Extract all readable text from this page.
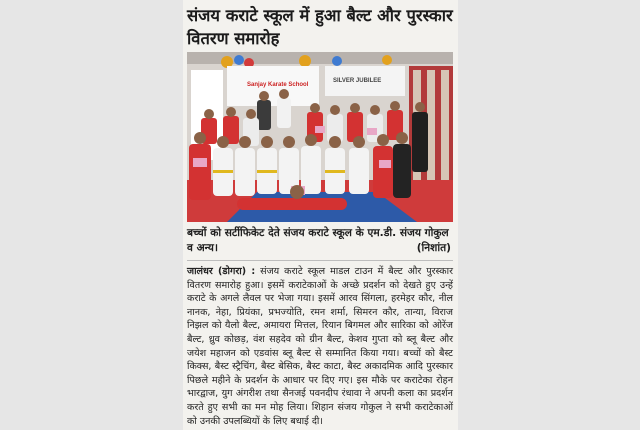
संजय कराटे स्कूल में हुआ बैल्ट और पुरस्कार वितरण समारोह
Sanjay Karate School
SILVER JUBILEE
बच्चों को सर्टीफिकेट देते संजय कराटे स्कूल के एम.डी. संजय गोकुल व अन्य।	(निशांत)

जालंधर (डोगरा) : संजय कराटे स्कूल माडल टाउन में बैल्ट और पुरस्कार वितरण समारोह हुआ। इसमें कराटेकाओं के अच्छे प्रदर्शन को देखते हुए उन्हें कराटे के अगले लैवल पर भेजा गया। इसमें आरव सिंगला, हरमेहर कौर, नील नानक, नेहा, प्रियंका, प्रभज्योति, रमन शर्मा, सिमरन कौर, तान्या, विराज निझल को यैलो बैल्ट, अमायरा मित्तल, रियान बिगमल और सारिका को ओरेंज बैल्ट, ध्रुव कोछड़, वंश सहदेव को ग्रीन बैल्ट, केशव गुप्ता को ब्लू बैल्ट और जयेश महाजन को एडवांस ब्लू बैल्ट से सम्मानित किया गया। बच्चों को बैस्ट किक्स, बैस्ट स्ट्रैचिंग, बैस्ट बेसिक, बैस्ट काटा, बैस्ट अकादमिक आदि पुरस्कार पिछले महीने के प्रदर्शन के आधार पर दिए गए। इस मौके पर कराटेका रोहन भारद्वाज, युग अंगरीश तथा सैनजई पवनदीप रंधावा ने अपनी कला का प्रदर्शन करते हुए सभी का मन मोह लिया। शिहान संजय गोकुल ने सभी कराटेकाओं को उनकी उपलब्धियों के लिए बधाई दी।
